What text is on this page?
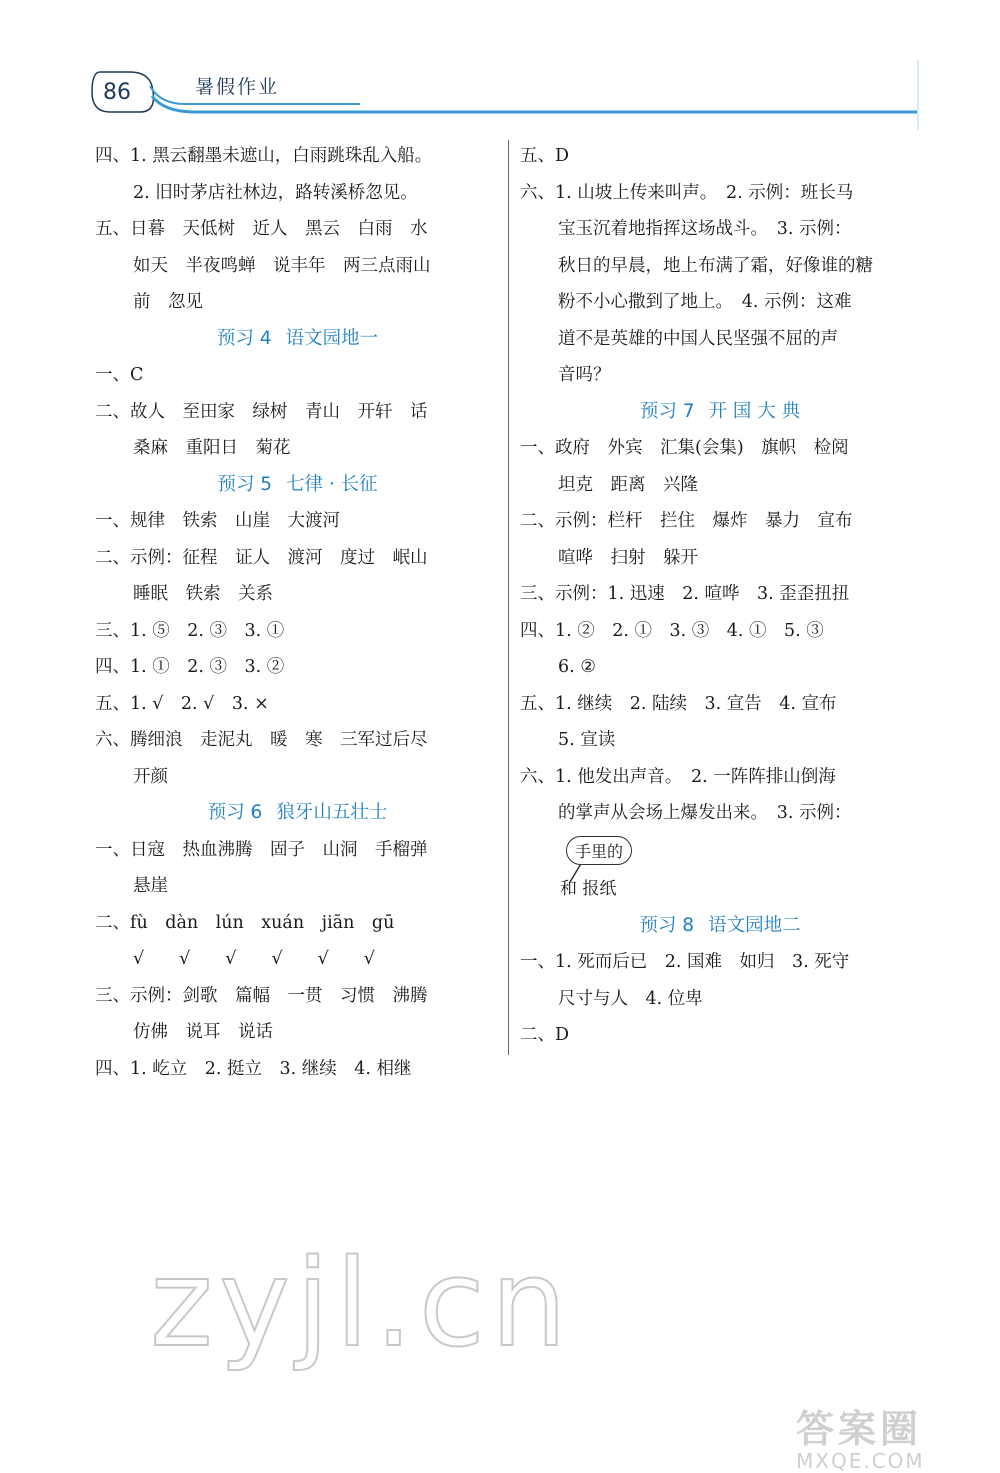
86	暑假作业
四、1. 黑云翻墨未遮山，白雨跳珠乱入船。
2. 旧时茅店社林边，路转溪桥忽见。
五、日暮　天低树　近人　黑云　白雨　水
如天　半夜鸣蝉　说丰年　两三点雨山
前　忽见
预习 4 语文园地一
一、C
二、故人　至田家　绿树　青山　开轩　话
桑麻　重阳日　菊花
预习 5 七律 · 长征
一、规律　铁索　山崖　大渡河
二、示例：征程　证人　渡河　度过　岷山
睡眠　铁索　关系
三、1. ⑤　2. ③　3. ①
四、1. ①　2. ③　3. ②
五、1. √　2. √　3. ×
六、腾细浪　走泥丸　暖　寒　三军过后尽
开颜
预习 6 狼牙山五壮士
一、日寇　热血沸腾　固子　山洞　手榴弹
悬崖
二、fù　dàn　lún　xuán　jiān　gū
√　　√　　√　　√　　√　　√
三、示例：剑歌　篇幅　一贯　习惯　沸腾
仿佛　说耳　说话
四、1. 屹立　2. 挺立　3. 继续　4. 相继
五、D
六、1. 山坡上传来叫声。　2. 示例：班长马
宝玉沉着地指挥这场战斗。　3. 示例：
秋日的早晨，地上布满了霜，好像谁的糖
粉不小心撒到了地上。　4. 示例：这难
道不是英雄的中国人民坚强不屈的声
音吗？
预习 7 开 国 大 典
一、政府　外宾　汇集(会集)　旗帜　检阅
坦克　距离　兴隆
二、示例：栏杆　拦住　爆炸　暴力　宣布
喧哗　扫射　躲开
三、示例：1. 迅速　2. 喧哗　3. 歪歪扭扭
四、1. ②　2. ①　3. ③　4. ①　5. ③
6. ②
五、1. 继续　2. 陆续　3. 宣告　4. 宣布
5. 宣读
六、1. 他发出声音。　2. 一阵阵排山倒海
的掌声从会场上爆发出来。　3. 示例：
手里的
和 报纸
预习 8 语文园地二
一、1. 死而后已　2. 国难　如归　3. 死守
尺寸与人　4. 位卑
二、D
zyjl.cn
答案圈
MXQE.COM
